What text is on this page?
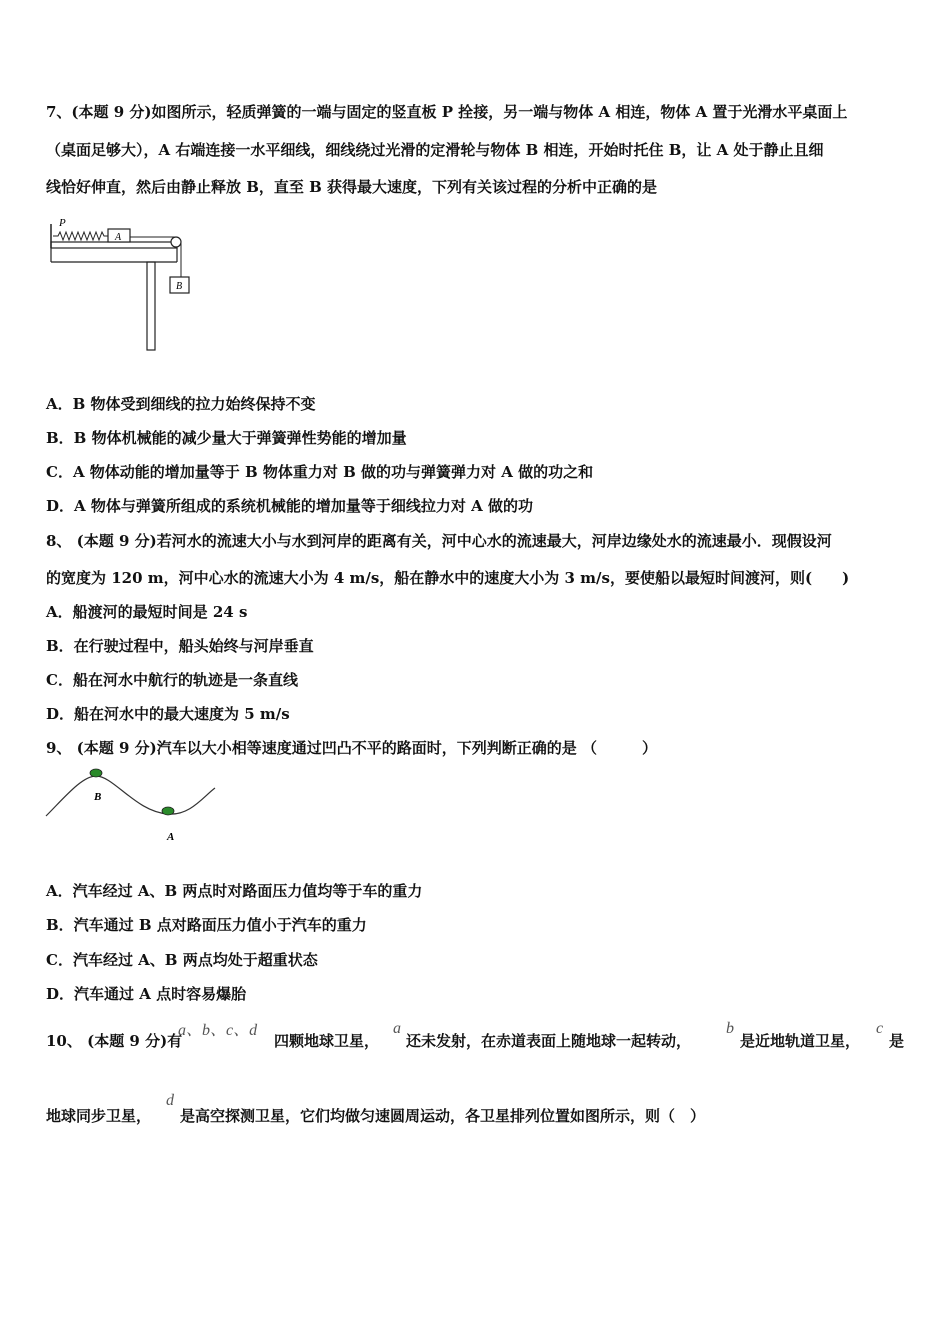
7、(本题 9 分)如图所示，轻质弹簧的一端与固定的竖直板 P 拴接，另一端与物体 A 相连，物体 A 置于光滑水平桌面上
（桌面足够大），A 右端连接一水平细线，细线绕过光滑的定滑轮与物体 B 相连，开始时托住 B，让 A 处于静止且细
线恰好伸直，然后由静止释放 B，直至 B 获得最大速度，下列有关该过程的分析中正确的是
P
A
B
A．B 物体受到细线的拉力始终保持不变
B．B 物体机械能的减少量大于弹簧弹性势能的增加量
C．A 物体动能的增加量等于 B 物体重力对 B 做的功与弹簧弹力对 A 做的功之和
D．A 物体与弹簧所组成的系统机械能的增加量等于细线拉力对 A 做的功
8、 (本题 9 分)若河水的流速大小与水到河岸的距离有关，河中心水的流速最大，河岸边缘处水的流速最小．现假设河
的宽度为 120 m，河中心水的流速大小为 4 m/s，船在静水中的速度大小为 3 m/s，要使船以最短时间渡河，则(　　)
A．船渡河的最短时间是 24 s
B．在行驶过程中，船头始终与河岸垂直
C．船在河水中航行的轨迹是一条直线
D．船在河水中的最大速度为 5 m/s
9、 (本题 9 分)汽车以大小相等速度通过凹凸不平的路面时，下列判断正确的是 （　　　）
B
A
A．汽车经过 A、B 两点时对路面压力值均等于车的重力
B．汽车通过 B 点对路面压力值小于汽车的重力
C．汽车经过 A、B 两点均处于超重状态
D．汽车通过 A 点时容易爆胎
10、 (本题 9 分)有
a、b、c、d
四颗地球卫星，
a
还未发射，在赤道表面上随地球一起转动，
b
是近地轨道卫星，
c
是
地球同步卫星，
d
是高空探测卫星，它们均做匀速圆周运动，各卫星排列位置如图所示，则（　）
